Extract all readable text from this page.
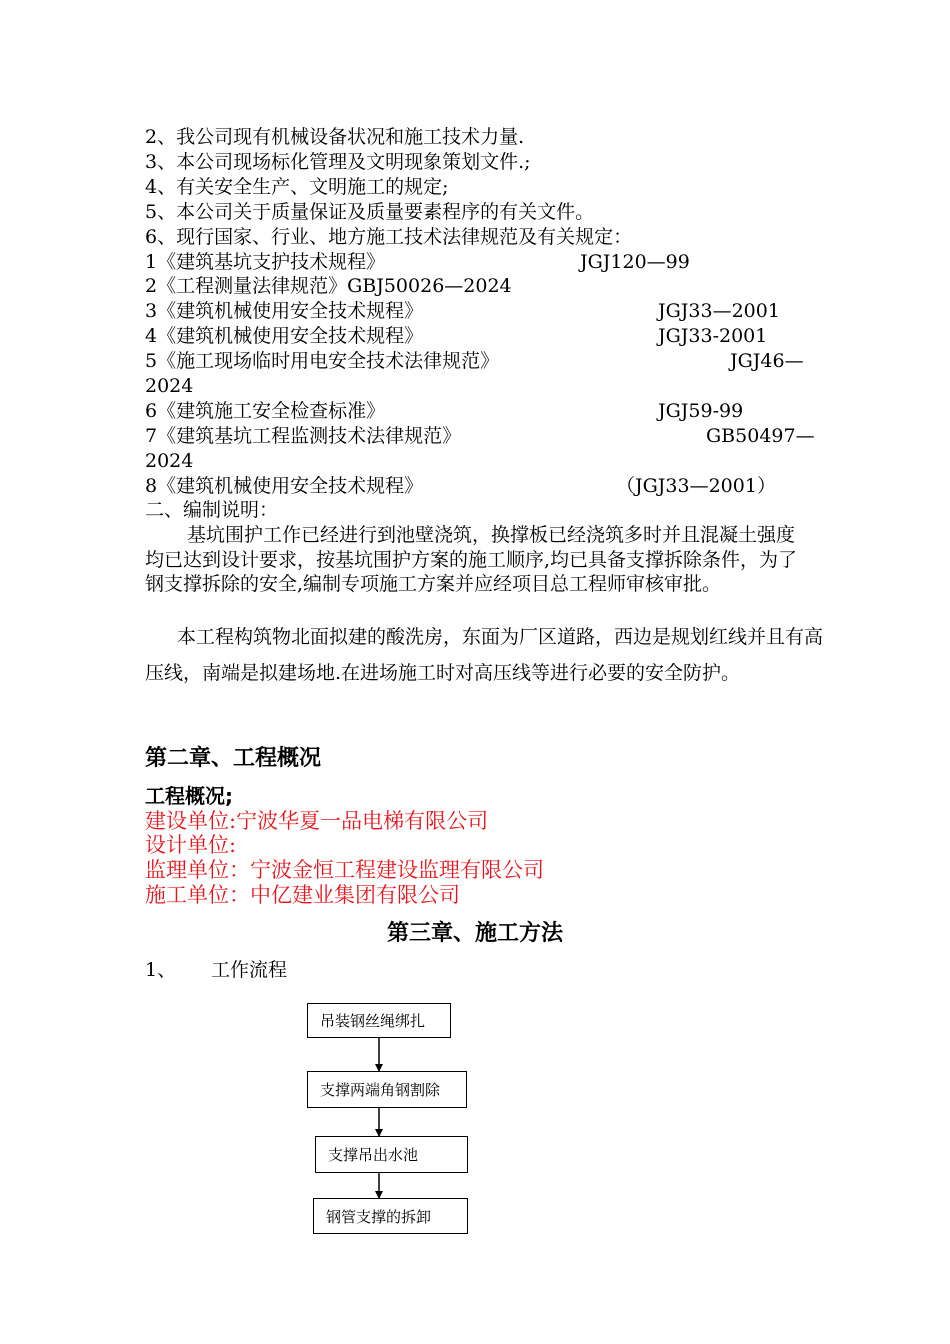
2、我公司现有机械设备状况和施工技术力量.
3、本公司现场标化管理及文明现象策划文件.;
4、有关安全生产、文明施工的规定;
5、本公司关于质量保证及质量要素程序的有关文件。
6、现行国家、行业、地方施工技术法律规范及有关规定：
1《建筑基坑支护技术规程》	JGJ120—99
2《工程测量法律规范》GBJ50026—2024
3《建筑机械使用安全技术规程》	JGJ33—2001
4《建筑机械使用安全技术规程》	JGJ33-2001
5《施工现场临时用电安全技术法律规范》	JGJ46—
2024
6《建筑施工安全检查标准》	JGJ59-99
7《建筑基坑工程监测技术法律规范》	GB50497—
2024
8《建筑机械使用安全技术规程》	（JGJ33—2001）
二、编制说明：
基坑围护工作已经进行到池壁浇筑，换撑板已经浇筑多时并且混凝土强度均已达到设计要求，按基坑围护方案的施工顺序,均已具备支撑拆除条件，为了钢支撑拆除的安全,编制专项施工方案并应经项目总工程师审核审批。
本工程构筑物北面拟建的酸洗房，东面为厂区道路，西边是规划红线并且有高压线，南端是拟建场地.在进场施工时对高压线等进行必要的安全防护。
第二章、工程概况
工程概况;
建设单位:宁波华夏一品电梯有限公司
设计单位:
监理单位：宁波金恒工程建设监理有限公司
施工单位：中亿建业集团有限公司
第三章、施工方法
1、 工作流程
吊装钢丝绳绑扎
支撑两端角钢割除
支撑吊出水池
钢管支撑的拆卸
